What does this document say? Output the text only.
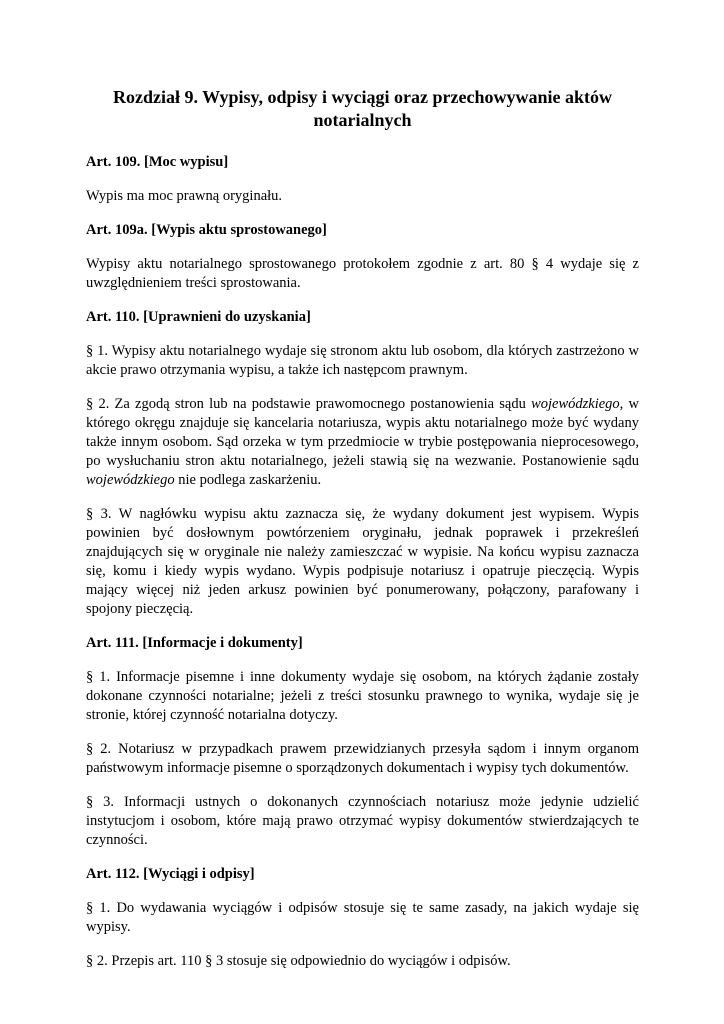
Rozdział 9. Wypisy, odpisy i wyciągi oraz przechowywanie aktów notarialnych
Art. 109. [Moc wypisu]
Wypis ma moc prawną oryginału.
Art. 109a. [Wypis aktu sprostowanego]
Wypisy aktu notarialnego sprostowanego protokołem zgodnie z art. 80 § 4 wydaje się z uwzględnieniem treści sprostowania.
Art. 110. [Uprawnieni do uzyskania]
§ 1. Wypisy aktu notarialnego wydaje się stronom aktu lub osobom, dla których zastrzeżono w akcie prawo otrzymania wypisu, a także ich następcom prawnym.
§ 2. Za zgodą stron lub na podstawie prawomocnego postanowienia sądu wojewódzkiego, w którego okręgu znajduje się kancelaria notariusza, wypis aktu notarialnego może być wydany także innym osobom. Sąd orzeka w tym przedmiocie w trybie postępowania nieprocesowego, po wysłuchaniu stron aktu notarialnego, jeżeli stawią się na wezwanie. Postanowienie sądu wojewódzkiego nie podlega zaskarżeniu.
§ 3. W nagłówku wypisu aktu zaznacza się, że wydany dokument jest wypisem. Wypis powinien być dosłownym powtórzeniem oryginału, jednak poprawek i przekreśleń znajdujących się w oryginale nie należy zamieszczać w wypisie. Na końcu wypisu zaznacza się, komu i kiedy wypis wydano. Wypis podpisuje notariusz i opatruje pieczęcią. Wypis mający więcej niż jeden arkusz powinien być ponumerowany, połączony, parafowany i spojony pieczęcią.
Art. 111. [Informacje i dokumenty]
§ 1. Informacje pisemne i inne dokumenty wydaje się osobom, na których żądanie zostały dokonane czynności notarialne; jeżeli z treści stosunku prawnego to wynika, wydaje się je stronie, której czynność notarialna dotyczy.
§ 2. Notariusz w przypadkach prawem przewidzianych przesyła sądom i innym organom państwowym informacje pisemne o sporządzonych dokumentach i wypisy tych dokumentów.
§ 3. Informacji ustnych o dokonanych czynnościach notariusz może jedynie udzielić instytucjom i osobom, które mają prawo otrzymać wypisy dokumentów stwierdzających te czynności.
Art. 112. [Wyciągi i odpisy]
§ 1. Do wydawania wyciągów i odpisów stosuje się te same zasady, na jakich wydaje się wypisy.
§ 2. Przepis art. 110 § 3 stosuje się odpowiednio do wyciągów i odpisów.
